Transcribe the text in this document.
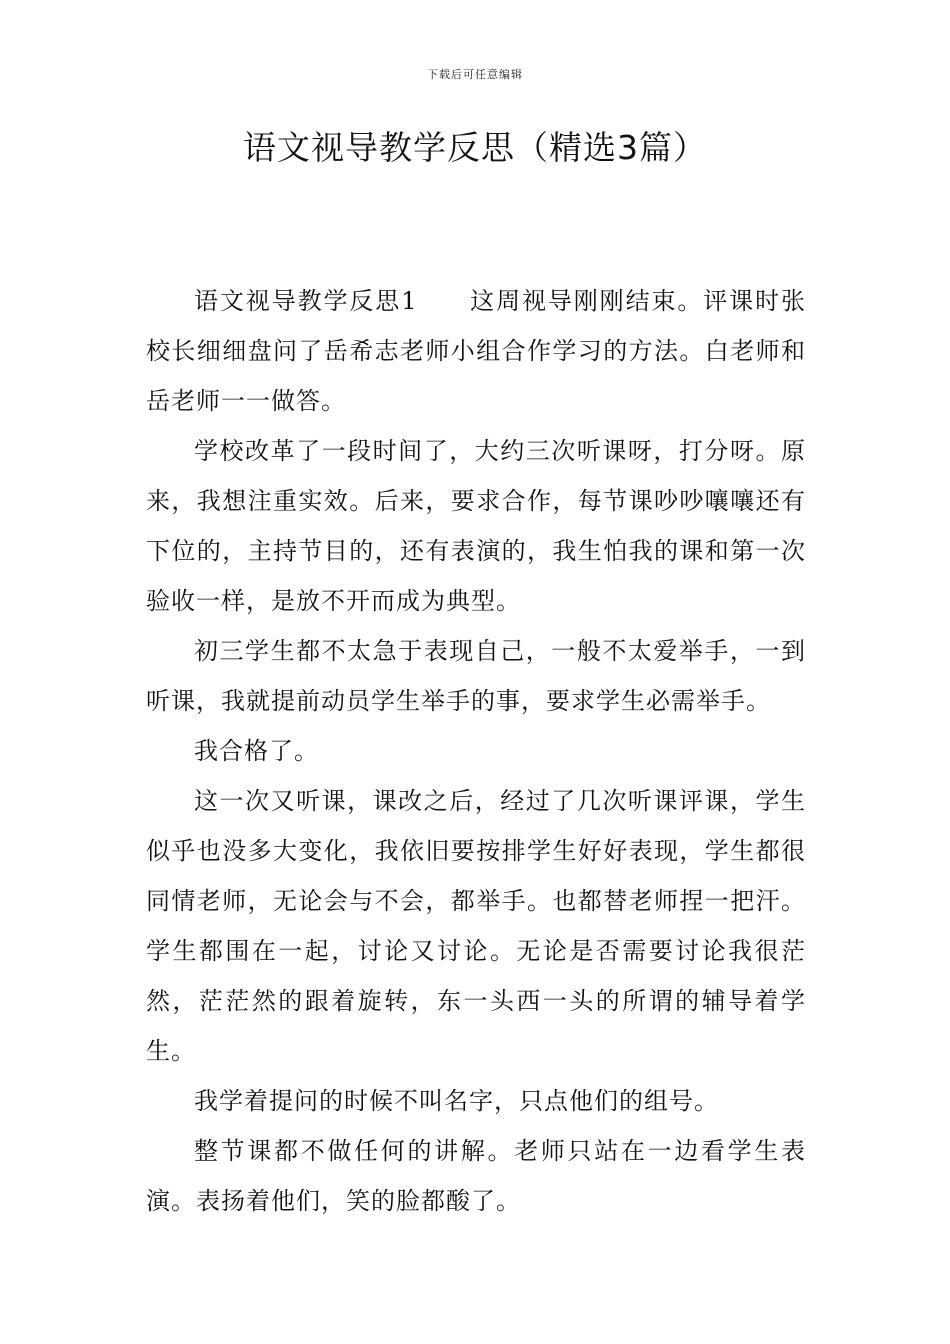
下载后可任意编辑
语文视导教学反思（精选3篇）

语文视导教学反思1　　这周视导刚刚结束。评课时张校长细细盘问了岳希志老师小组合作学习的方法。白老师和岳老师一一做答。

学校改革了一段时间了，大约三次听课呀，打分呀。原来，我想注重实效。后来，要求合作，每节课吵吵嚷嚷还有下位的，主持节目的，还有表演的，我生怕我的课和第一次验收一样，是放不开而成为典型。

初三学生都不太急于表现自己，一般不太爱举手，一到听课，我就提前动员学生举手的事，要求学生必需举手。

我合格了。

这一次又听课，课改之后，经过了几次听课评课，学生似乎也没多大变化，我依旧要按排学生好好表现，学生都很同情老师，无论会与不会，都举手。也都替老师捏一把汗。学生都围在一起，讨论又讨论。无论是否需要讨论我很茫然，茫茫然的跟着旋转，东一头西一头的所谓的辅导着学生。

我学着提问的时候不叫名字，只点他们的组号。

整节课都不做任何的讲解。老师只站在一边看学生表演。表扬着他们，笑的脸都酸了。
